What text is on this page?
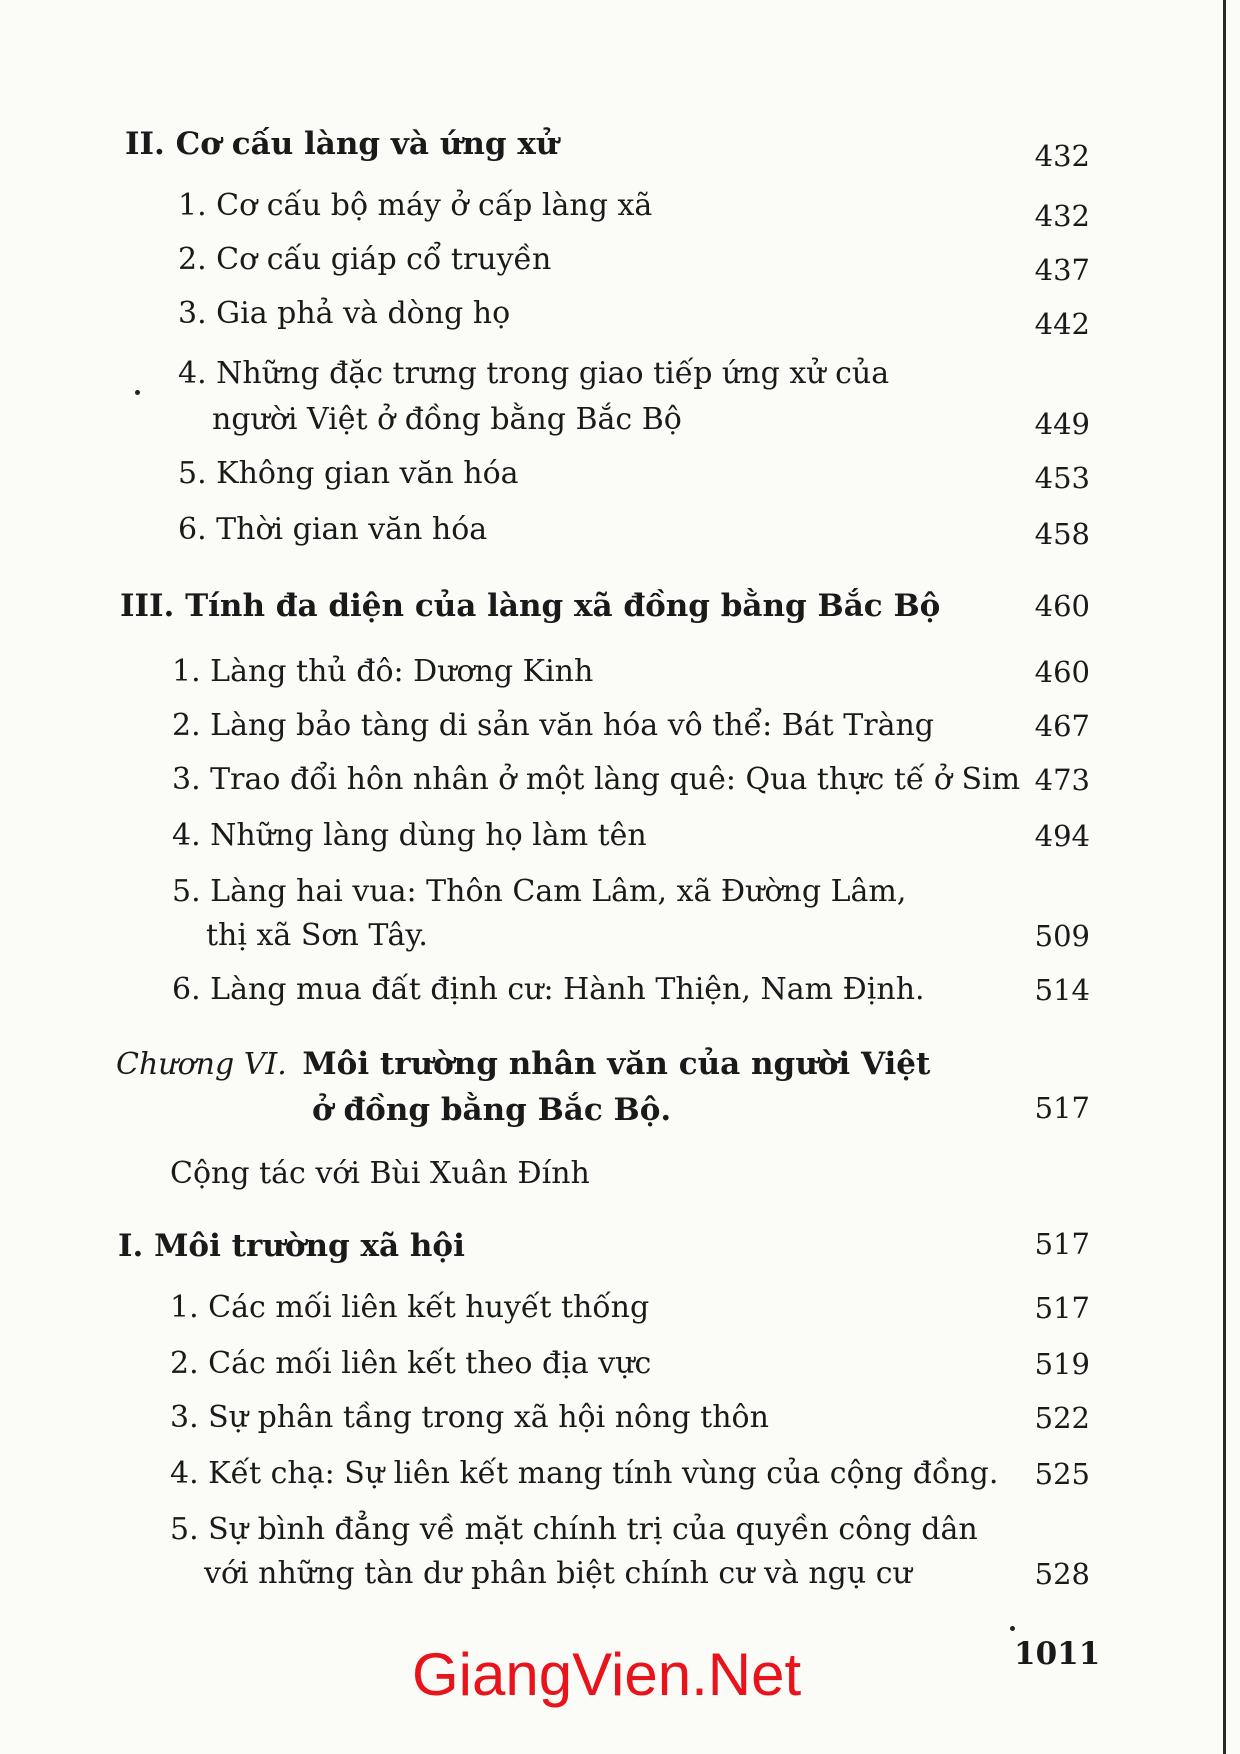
II. Cơ cấu làng và ứng xử	432
1. Cơ cấu bộ máy ở cấp làng xã	432
2. Cơ cấu giáp cổ truyền	437
3. Gia phả và dòng họ	442
4. Những đặc trưng trong giao tiếp ứng xử của
người Việt ở đồng bằng Bắc Bộ	449
5. Không gian văn hóa	453
6. Thời gian văn hóa	458
III. Tính đa diện của làng xã đồng bằng Bắc Bộ	460
1. Làng thủ đô: Dương Kinh	460
2. Làng bảo tàng di sản văn hóa vô thể: Bát Tràng	467
3. Trao đổi hôn nhân ở một làng quê: Qua thực tế ở Sim 473
4. Những làng dùng họ làm tên	494
5. Làng hai vua: Thôn Cam Lâm, xã Đường Lâm,
thị xã Sơn Tây.	509
6. Làng mua đất định cư: Hành Thiện, Nam Định.	514
Chương VI. Môi trường nhân văn của người Việt
ở đồng bằng Bắc Bộ.	517
Cộng tác với Bùi Xuân Đính
I. Môi trường xã hội	517
1. Các mối liên kết huyết thống	517
2. Các mối liên kết theo địa vực	519
3. Sự phân tầng trong xã hội nông thôn	522
4. Kết chạ: Sự liên kết mang tính vùng của cộng đồng.	525
5. Sự bình đẳng về mặt chính trị của quyền công dân
với những tàn dư phân biệt chính cư và ngụ cư	528
1011
GiangVien.Net
